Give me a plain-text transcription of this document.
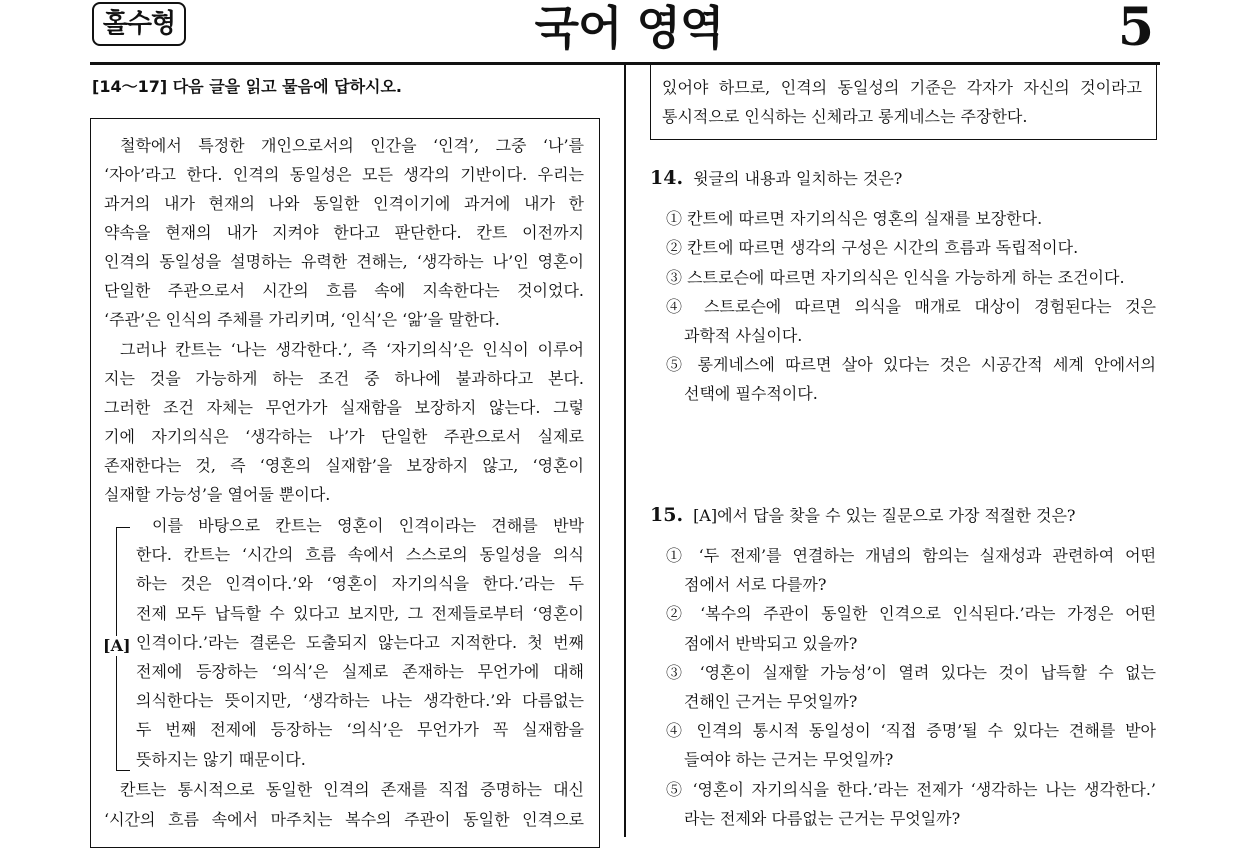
홀수형	국어 영역	5
[14～17] 다음 글을 읽고 물음에 답하시오.
철학에서 특정한 개인으로서의 인간을 ‘인격’, 그중 ‘나’를
‘자아’라고 한다. 인격의 동일성은 모든 생각의 기반이다. 우리는
과거의 내가 현재의 나와 동일한 인격이기에 과거에 내가 한
약속을 현재의 내가 지켜야 한다고 판단한다. 칸트 이전까지
인격의 동일성을 설명하는 유력한 견해는, ‘생각하는 나’인 영혼이
단일한 주관으로서 시간의 흐름 속에 지속한다는 것이었다.
‘주관’은 인식의 주체를 가리키며, ‘인식’은 ‘앎’을 말한다.
그러나 칸트는 ‘나는 생각한다.’, 즉 ‘자기의식’은 인식이 이루어
지는 것을 가능하게 하는 조건 중 하나에 불과하다고 본다.
그러한 조건 자체는 무언가가 실재함을 보장하지 않는다. 그렇
기에 자기의식은 ‘생각하는 나’가 단일한 주관으로서 실제로
존재한다는 것, 즉 ‘영혼의 실재함’을 보장하지 않고, ‘영혼이
실재할 가능성’을 열어둘 뿐이다.
[A]
이를 바탕으로 칸트는 영혼이 인격이라는 견해를 반박
한다. 칸트는 ‘시간의 흐름 속에서 스스로의 동일성을 의식
하는 것은 인격이다.’와 ‘영혼이 자기의식을 한다.’라는 두
전제 모두 납득할 수 있다고 보지만, 그 전제들로부터 ‘영혼이
인격이다.’라는 결론은 도출되지 않는다고 지적한다. 첫 번째
전제에 등장하는 ‘의식’은 실제로 존재하는 무언가에 대해
의식한다는 뜻이지만, ‘생각하는 나는 생각한다.’와 다름없는
두 번째 전제에 등장하는 ‘의식’은 무언가가 꼭 실재함을
뜻하지는 않기 때문이다.
칸트는 통시적으로 동일한 인격의 존재를 직접 증명하는 대신
‘시간의 흐름 속에서 마주치는 복수의 주관이 동일한 인격으로
있어야 하므로, 인격의 동일성의 기준은 각자가 자신의 것이라고
통시적으로 인식하는 신체라고 롱게네스는 주장한다.
14. 윗글의 내용과 일치하는 것은?
① 칸트에 따르면 자기의식은 영혼의 실재를 보장한다.
② 칸트에 따르면 생각의 구성은 시간의 흐름과 독립적이다.
③ 스트로슨에 따르면 자기의식은 인식을 가능하게 하는 조건이다.
④ 스트로슨에 따르면 의식을 매개로 대상이 경험된다는 것은
과학적 사실이다.
⑤ 롱게네스에 따르면 살아 있다는 것은 시공간적 세계 안에서의
선택에 필수적이다.
15. [A]에서 답을 찾을 수 있는 질문으로 가장 적절한 것은?
① ‘두 전제’를 연결하는 개념의 함의는 실재성과 관련하여 어떤
점에서 서로 다를까?
② ‘복수의 주관이 동일한 인격으로 인식된다.’라는 가정은 어떤
점에서 반박되고 있을까?
③ ‘영혼이 실재할 가능성’이 열려 있다는 것이 납득할 수 없는
견해인 근거는 무엇일까?
④ 인격의 통시적 동일성이 ‘직접 증명’될 수 있다는 견해를 받아
들여야 하는 근거는 무엇일까?
⑤ ‘영혼이 자기의식을 한다.’라는 전제가 ‘생각하는 나는 생각한다.’
라는 전제와 다름없는 근거는 무엇일까?
